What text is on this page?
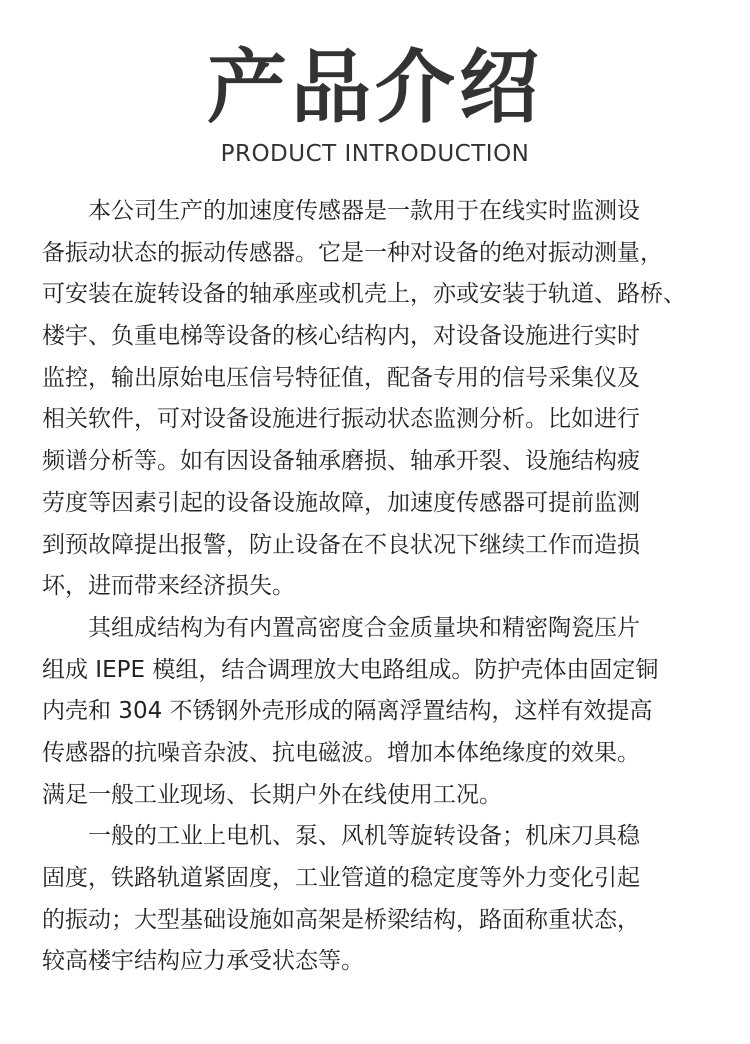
产品介绍
PRODUCT INTRODUCTION

本公司生产的加速度传感器是一款用于在线实时监测设
备振动状态的振动传感器。它是一种对设备的绝对振动测量，
可安装在旋转设备的轴承座或机壳上，亦或安装于轨道、路桥、
楼宇、负重电梯等设备的核心结构内，对设备设施进行实时
监控，输出原始电压信号特征值，配备专用的信号采集仪及
相关软件，可对设备设施进行振动状态监测分析。比如进行
频谱分析等。如有因设备轴承磨损、轴承开裂、设施结构疲
劳度等因素引起的设备设施故障，加速度传感器可提前监测
到预故障提出报警，防止设备在不良状况下继续工作而造损
坏，进而带来经济损失。

其组成结构为有内置高密度合金质量块和精密陶瓷压片
组成 IEPE 模组，结合调理放大电路组成。防护壳体由固定铜
内壳和 304 不锈钢外壳形成的隔离浮置结构，这样有效提高
传感器的抗噪音杂波、抗电磁波。增加本体绝缘度的效果。
满足一般工业现场、长期户外在线使用工况。

一般的工业上电机、泵、风机等旋转设备；机床刀具稳
固度，铁路轨道紧固度，工业管道的稳定度等外力变化引起
的振动；大型基础设施如高架是桥梁结构，路面称重状态，
较高楼宇结构应力承受状态等。
